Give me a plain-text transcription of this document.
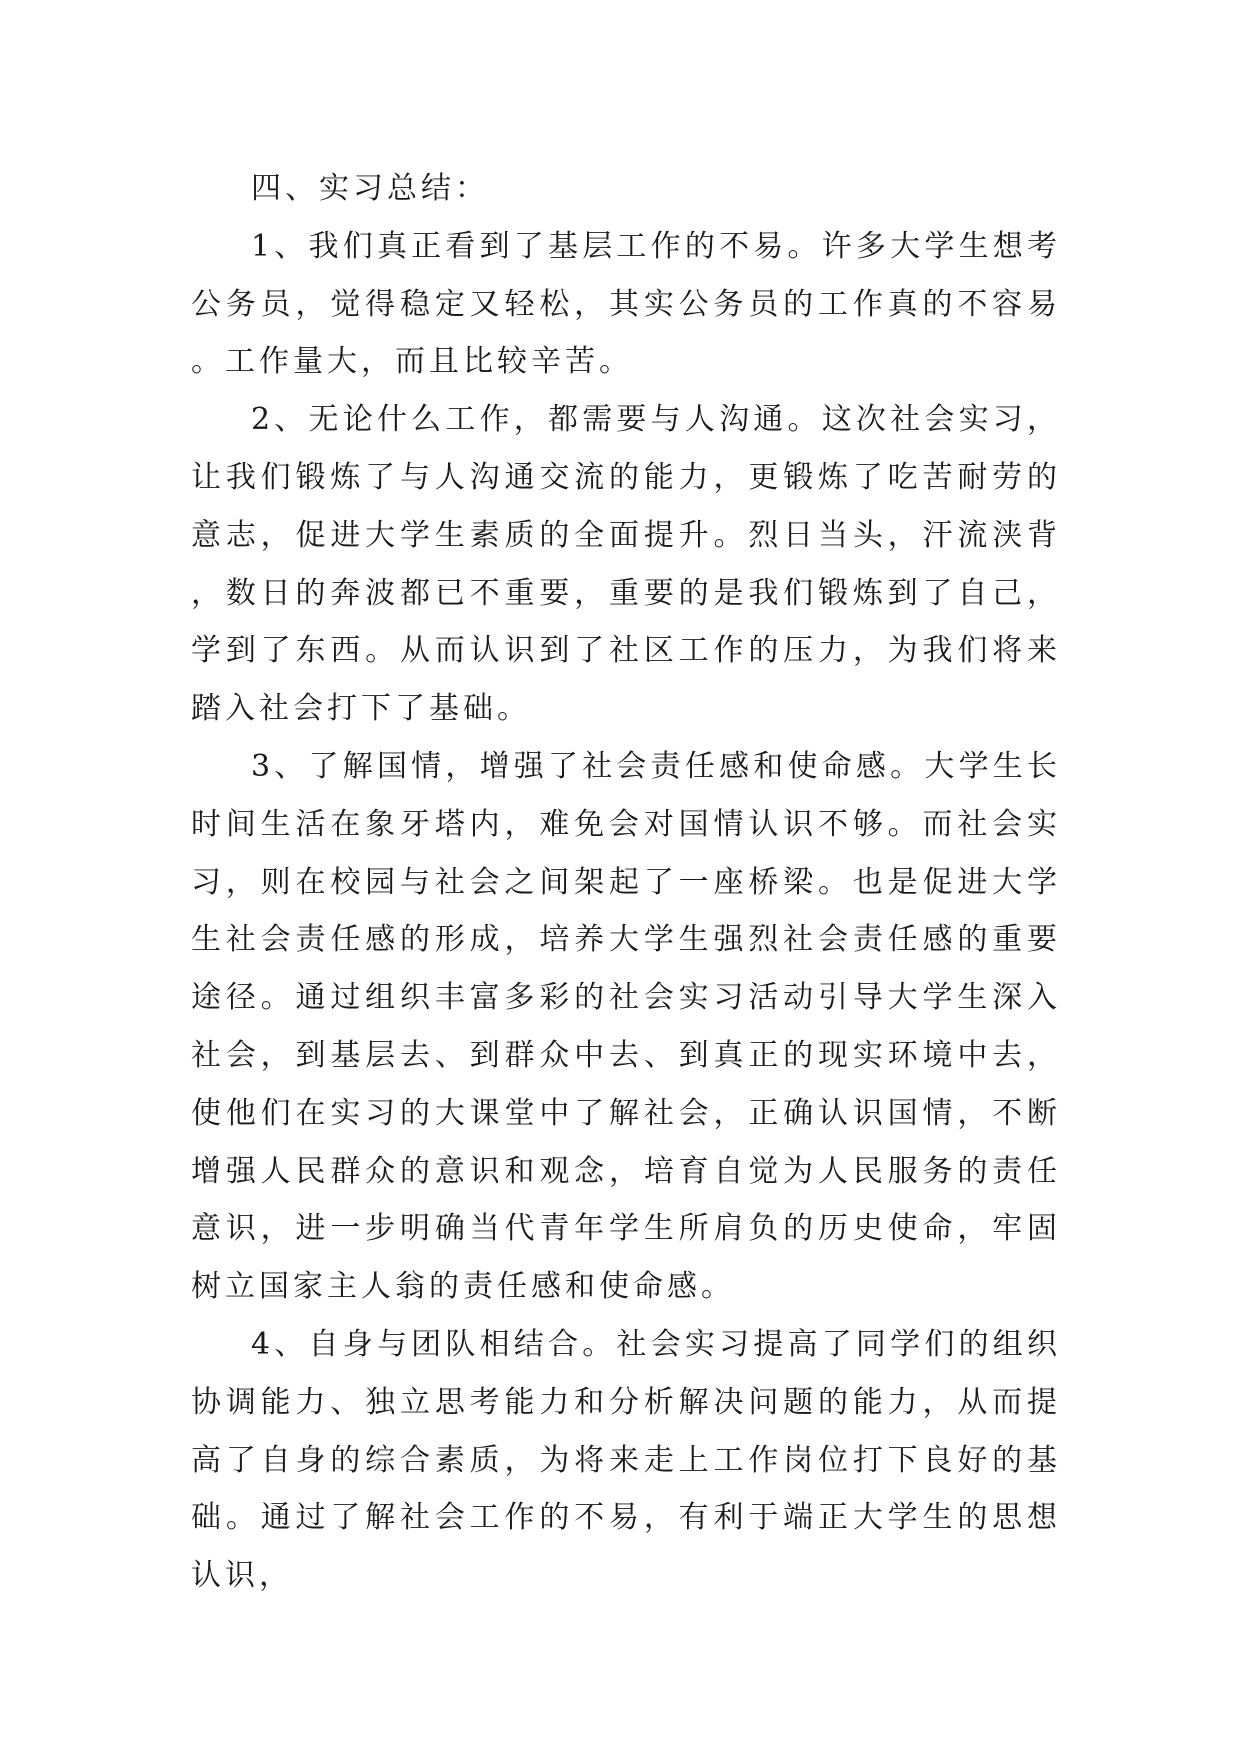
四、实习总结：

1、我们真正看到了基层工作的不易。许多大学生想考公务员，觉得稳定又轻松，其实公务员的工作真的不容易。工作量大，而且比较辛苦。

2、无论什么工作，都需要与人沟通。这次社会实习，让我们锻炼了与人沟通交流的能力，更锻炼了吃苦耐劳的意志，促进大学生素质的全面提升。烈日当头，汗流浃背，数日的奔波都已不重要，重要的是我们锻炼到了自己，学到了东西。从而认识到了社区工作的压力，为我们将来踏入社会打下了基础。

3、了解国情，增强了社会责任感和使命感。大学生长时间生活在象牙塔内，难免会对国情认识不够。而社会实习，则在校园与社会之间架起了一座桥梁。也是促进大学生社会责任感的形成，培养大学生强烈社会责任感的重要途径。通过组织丰富多彩的社会实习活动引导大学生深入社会，到基层去、到群众中去、到真正的现实环境中去，使他们在实习的大课堂中了解社会，正确认识国情，不断增强人民群众的意识和观念，培育自觉为人民服务的责任意识，进一步明确当代青年学生所肩负的历史使命，牢固树立国家主人翁的责任感和使命感。

4、自身与团队相结合。社会实习提高了同学们的组织协调能力、独立思考能力和分析解决问题的能力，从而提高了自身的综合素质，为将来走上工作岗位打下良好的基础。通过了解社会工作的不易，有利于端正大学生的思想认识，
